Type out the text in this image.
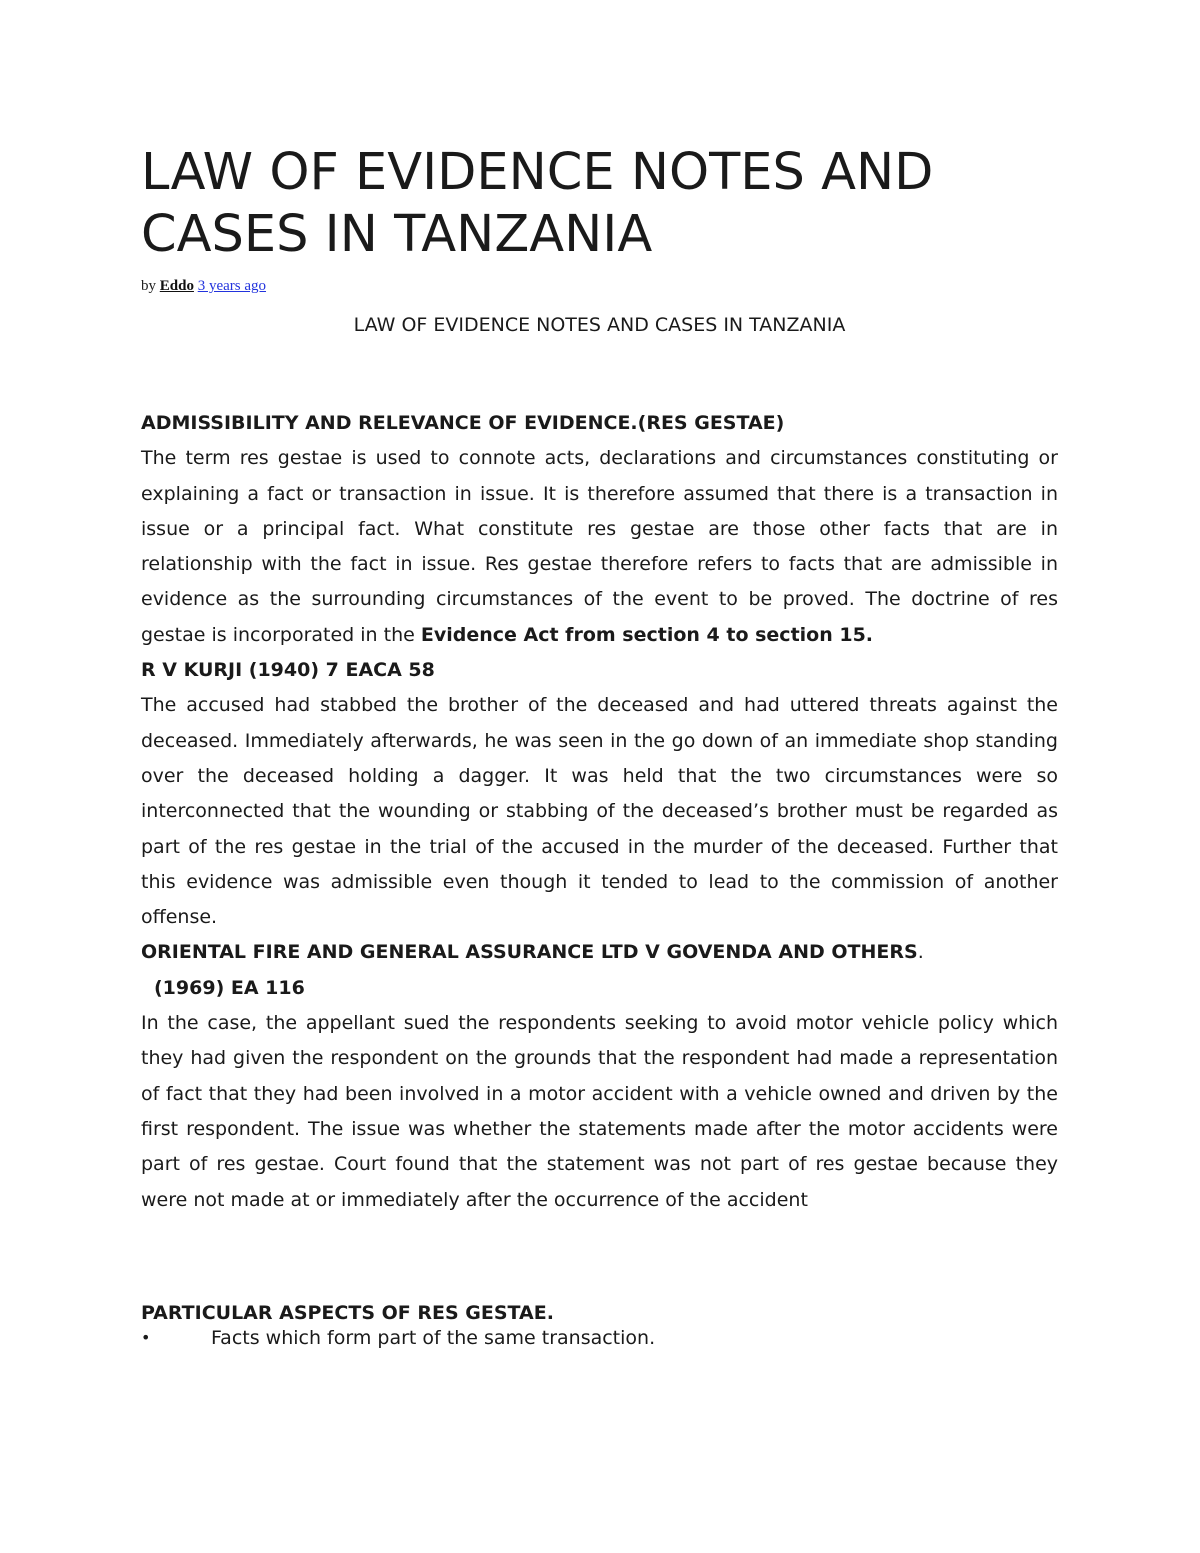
LAW OF EVIDENCE NOTES AND CASES IN TANZANIA
by Eddo 3 years ago
LAW OF EVIDENCE NOTES AND CASES IN TANZANIA

ADMISSIBILITY AND RELEVANCE OF EVIDENCE.(RES GESTAE)

The term res gestae is used to connote acts, declarations and circumstances constituting or explaining a fact or transaction in issue. It is therefore assumed that there is a transaction in issue or a principal fact. What constitute res gestae are those other facts that are in relationship with the fact in issue. Res gestae therefore refers to facts that are admissible in evidence as the surrounding circumstances of the event to be proved. The doctrine of res gestae is incorporated in the Evidence Act from section 4 to section 15.

R V KURJI (1940) 7 EACA 58

The accused had stabbed the brother of the deceased and had uttered threats against the deceased. Immediately afterwards, he was seen in the go down of an immediate shop standing over the deceased holding a dagger. It was held that the two circumstances were so interconnected that the wounding or stabbing of the deceased’s brother must be regarded as part of the res gestae in the trial of the accused in the murder of the deceased. Further that this evidence was admissible even though it tended to lead to the commission of another offense.

ORIENTAL FIRE AND GENERAL ASSURANCE LTD V GOVENDA AND OTHERS.
(1969) EA 116

In the case, the appellant sued the respondents seeking to avoid motor vehicle policy which they had given the respondent on the grounds that the respondent had made a representation of fact that they had been involved in a motor accident with a vehicle owned and driven by the first respondent. The issue was whether the statements made after the motor accidents were part of res gestae. Court found that the statement was not part of res gestae because they were not made at or immediately after the occurrence of the accident

PARTICULAR ASPECTS OF RES GESTAE.

•	Facts which form part of the same transaction.
